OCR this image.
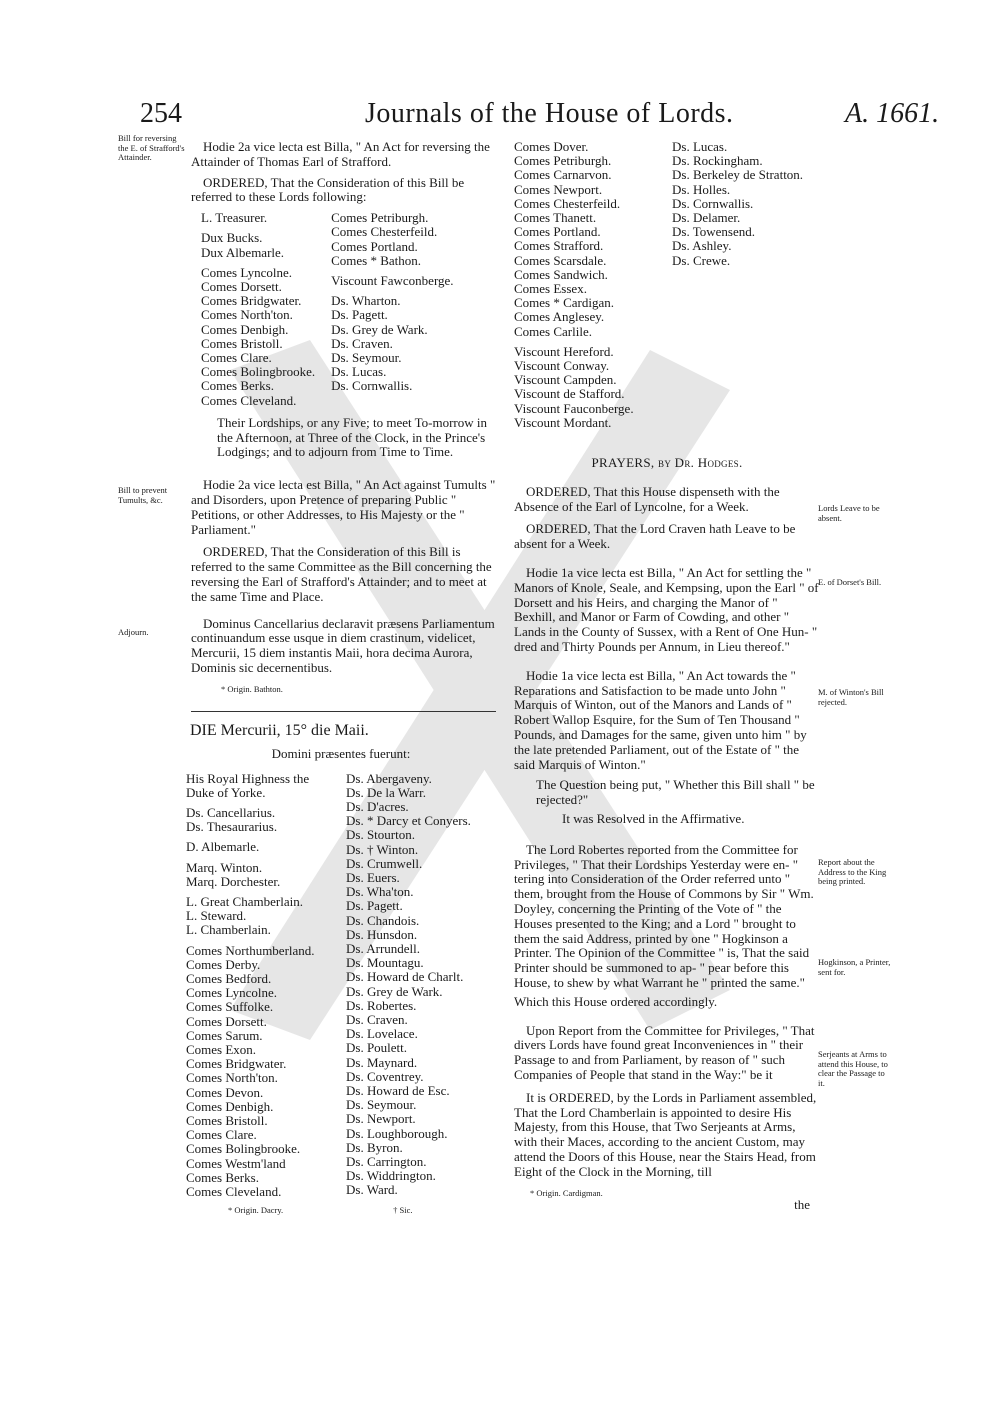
254	Journals of the House of Lords.	A. 1661.
Bill for reversing the E. of Strafford's Attainder.
Bill to prevent Tumults, &c.
Adjourn.
Hodie 2a vice lecta est Billa, " An Act for reversing the Attainder of Thomas Earl of Strafford.
ORDERED, That the Consideration of this Bill be referred to these Lords following:
L. Treasurer.
Dux Bucks.
Dux Albemarle.
Comes Lyncolne.
Comes Dorsett.
Comes Bridgwater.
Comes North'ton.
Comes Denbigh.
Comes Bristoll.
Comes Clare.
Comes Bolingbrooke.
Comes Berks.
Comes Cleveland.
Comes Petriburgh.
Comes Chesterfeild.
Comes Portland.
Comes * Bathon.
Viscount Fawconberge.
Ds. Wharton.
Ds. Pagett.
Ds. Grey de Wark.
Ds. Craven.
Ds. Seymour.
Ds. Lucas.
Ds. Cornwallis.
Their Lordships, or any Five; to meet To-morrow in the Afternoon, at Three of the Clock, in the Prince's Lodgings; and to adjourn from Time to Time.
Hodie 2a vice lecta est Billa, " An Act against Tumults " and Disorders, upon Pretence of preparing Public " Petitions, or other Addresses, to His Majesty or the " Parliament."
ORDERED, That the Consideration of this Bill is referred to the same Committee as the Bill concerning the reversing the Earl of Strafford's Attainder; and to meet at the same Time and Place.
Dominus Cancellarius declaravit præsens Parliamentum continuandum esse usque in diem crastinum, videlicet, Mercurii, 15 diem instantis Maii, hora decima Aurora, Dominis sic decernentibus.
* Origin. Bathton.
DIE Mercurii, 15° die Maii.
Domini præsentes fuerunt:
His Royal Highness the
Duke of Yorke.
Ds. Cancellarius.
Ds. Thesaurarius.
D. Albemarle.
Marq. Winton.
Marq. Dorchester.
L. Great Chamberlain.
L. Steward.
L. Chamberlain.
Comes Northumberland.
Comes Derby.
Comes Bedford.
Comes Lyncolne.
Comes Suffolke.
Comes Dorsett.
Comes Sarum.
Comes Exon.
Comes Bridgwater.
Comes North'ton.
Comes Devon.
Comes Denbigh.
Comes Bristoll.
Comes Clare.
Comes Bolingbrooke.
Comes Westm'land
Comes Berks.
Comes Cleveland.
Ds. Abergaveny.
Ds. De la Warr.
Ds. D'acres.
Ds. * Darcy et Conyers.
Ds. Stourton.
Ds. † Winton.
Ds. Crumwell.
Ds. Euers.
Ds. Wha'ton.
Ds. Pagett.
Ds. Chandois.
Ds. Hunsdon.
Ds. Arrundell.
Ds. Mountagu.
Ds. Howard de Charlt.
Ds. Grey de Wark.
Ds. Robertes.
Ds. Craven.
Ds. Lovelace.
Ds. Poulett.
Ds. Maynard.
Ds. Coventrey.
Ds. Howard de Esc.
Ds. Seymour.
Ds. Newport.
Ds. Loughborough.
Ds. Byron.
Ds. Carrington.
Ds. Widdrington.
Ds. Ward.
* Origin. Dacry.	† Sic.
Comes Dover.
Comes Petriburgh.
Comes Carnarvon.
Comes Newport.
Comes Chesterfeild.
Comes Thanett.
Comes Portland.
Comes Strafford.
Comes Scarsdale.
Comes Sandwich.
Comes Essex.
Comes * Cardigan.
Comes Anglesey.
Comes Carlile.
Viscount Hereford.
Viscount Conway.
Viscount Campden.
Viscount de Stafford.
Viscount Fauconberge.
Viscount Mordant.
Ds. Lucas.
Ds. Rockingham.
Ds. Berkeley de Stratton.
Ds. Holles.
Ds. Cornwallis.
Ds. Delamer.
Ds. Towensend.
Ds. Ashley.
Ds. Crewe.
PRAYERS, by Dr. Hodges.
ORDERED, That this House dispenseth with the Absence of the Earl of Lyncolne, for a Week.
ORDERED, That the Lord Craven hath Leave to be absent for a Week.
Hodie 1a vice lecta est Billa, " An Act for settling the " Manors of Knole, Seale, and Kempsing, upon the Earl " of Dorsett and his Heirs, and charging the Manor of " Bexhill, and Manor or Farm of Cowding, and other " Lands in the County of Sussex, with a Rent of One Hun- " dred and Thirty Pounds per Annum, in Lieu thereof."
Hodie 1a vice lecta est Billa, " An Act towards the " Reparations and Satisfaction to be made unto John " Marquis of Winton, out of the Manors and Lands of " Robert Wallop Esquire, for the Sum of Ten Thousand " Pounds, and Damages for the same, given unto him " by the late pretended Parliament, out of the Estate of " the said Marquis of Winton."
The Question being put, " Whether this Bill shall " be rejected?"
It was Resolved in the Affirmative.
The Lord Robertes reported from the Committee for Privileges, " That their Lordships Yesterday were en- " tering into Consideration of the Order referred unto " them, brought from the House of Commons by Sir " Wm. Doyley, concerning the Printing of the Vote of " the Houses presented to the King; and a Lord " brought to them the said Address, printed by one " Hogkinson a Printer. The Opinion of the Committee " is, That the said Printer should be summoned to ap- " pear before this House, to shew by what Warrant he " printed the same."
Which this House ordered accordingly.
Upon Report from the Committee for Privileges, " That divers Lords have found great Inconveniences in " their Passage to and from Parliament, by reason of " such Companies of People that stand in the Way:" be it
It is ORDERED, by the Lords in Parliament assembled, That the Lord Chamberlain is appointed to desire His Majesty, from this House, that Two Serjeants at Arms, with their Maces, according to the ancient Custom, may attend the Doors of this House, near the Stairs Head, from Eight of the Clock in the Morning, till
* Origin. Cardigman.
the
Lords Leave to be absent.
E. of Dorset's Bill.
M. of Winton's Bill rejected.
Report about the Address to the King being printed.
Hogkinson, a Printer, sent for.
Serjeants at Arms to attend this House, to clear the Passage to it.
